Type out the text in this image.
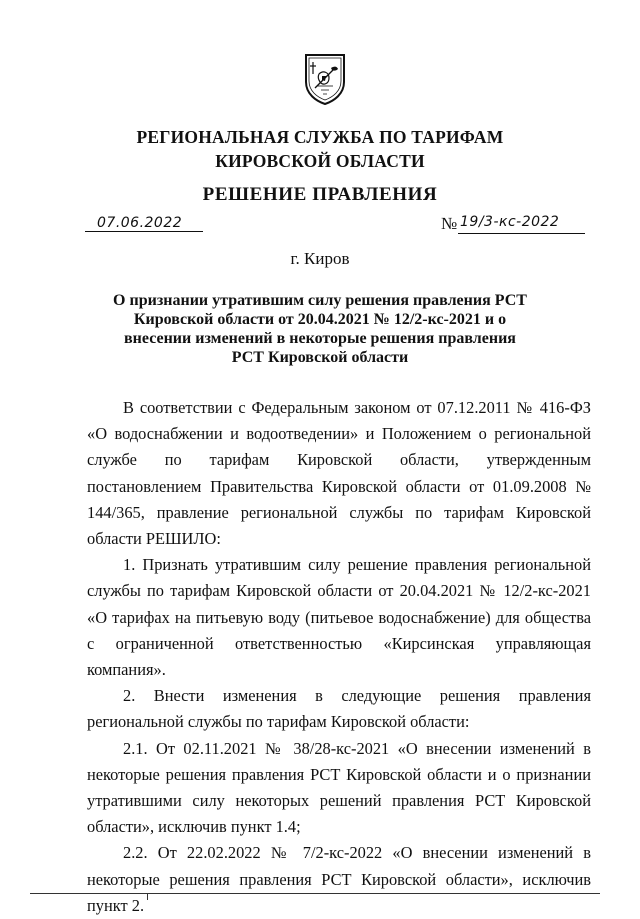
РЕГИОНАЛЬНАЯ СЛУЖБА ПО ТАРИФАМ
КИРОВСКОЙ ОБЛАСТИ
РЕШЕНИЕ ПРАВЛЕНИЯ
07.06.2022	№ 19/3-кс-2022
г. Киров
О признании утратившим силу решения правления РСТ Кировской области от 20.04.2021 № 12/2-кс-2021 и о внесении изменений в некоторые решения правления РСТ Кировской области

В соответствии с Федеральным законом от 07.12.2011 № 416-ФЗ «О водоснабжении и водоотведении» и Положением о региональной службе по тарифам Кировской области, утвержденным постановлением Правительства Кировской области от 01.09.2008 № 144/365, правление региональной службы по тарифам Кировской области РЕШИЛО:

1. Признать утратившим силу решение правления региональной службы по тарифам Кировской области от 20.04.2021 № 12/2-кс-2021 «О тарифах на питьевую воду (питьевое водоснабжение) для общества с ограниченной ответственностью «Кирсинская управляющая компания».

2. Внести изменения в следующие решения правления региональной службы по тарифам Кировской области:

2.1. От 02.11.2021 № 38/28-кс-2021 «О внесении изменений в некоторые решения правления РСТ Кировской области и о признании утратившими силу некоторых решений правления РСТ Кировской области», исключив пункт 1.4;

2.2. От 22.02.2022 № 7/2-кс-2022 «О внесении изменений в некоторые решения правления РСТ Кировской области», исключив пункт 2.
